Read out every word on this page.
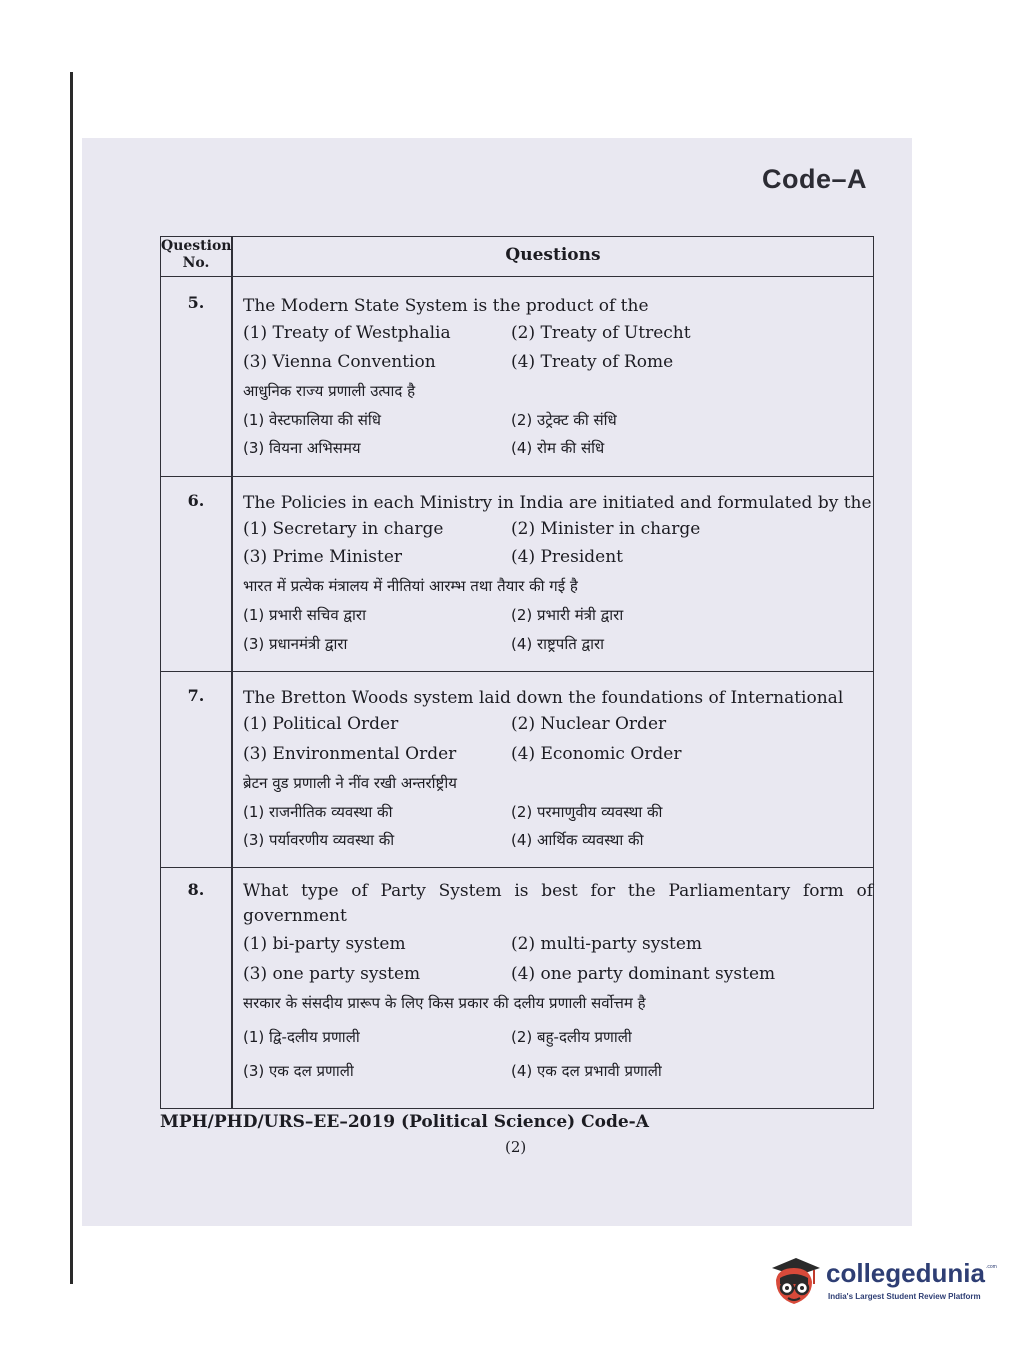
Code–A
Question No.	Questions
5.	The Modern State System is the product of the
(1) Treaty of Westphalia	(2) Treaty of Utrecht
(3) Vienna Convention	(4) Treaty of Rome
आधुनिक राज्य प्रणाली उत्पाद है
(1) वेस्टफालिया की संधि	(2) उट्रेक्ट की संधि
(3) वियना अभिसमय	(4) रोम की संधि
6.	The Policies in each Ministry in India are initiated and formulated by the
(1) Secretary in charge	(2) Minister in charge
(3) Prime Minister	(4) President
भारत में प्रत्येक मंत्रालय में नीतियां आरम्भ तथा तैयार की गई है
(1) प्रभारी सचिव द्वारा	(2) प्रभारी मंत्री द्वारा
(3) प्रधानमंत्री द्वारा	(4) राष्ट्रपति द्वारा
7.	The Bretton Woods system laid down the foundations of International
(1) Political Order	(2) Nuclear Order
(3) Environmental Order	(4) Economic Order
ब्रेटन वुड प्रणाली ने नींव रखी अन्तर्राष्ट्रीय
(1) राजनीतिक व्यवस्था की	(2) परमाणुवीय व्यवस्था की
(3) पर्यावरणीय व्यवस्था की	(4) आर्थिक व्यवस्था की
8.	What type of Party System is best for the Parliamentary form of
government
(1) bi-party system	(2) multi-party system
(3) one party system	(4) one party dominant system
सरकार के संसदीय प्रारूप के लिए किस प्रकार की दलीय प्रणाली सर्वोत्तम है
(1) द्वि-दलीय प्रणाली	(2) बहु-दलीय प्रणाली
(3) एक दल प्रणाली	(4) एक दल प्रभावी प्रणाली
MPH/PHD/URS–EE–2019 (Political Science) Code-A
(2)
collegedunia .com
India's Largest Student Review Platform
